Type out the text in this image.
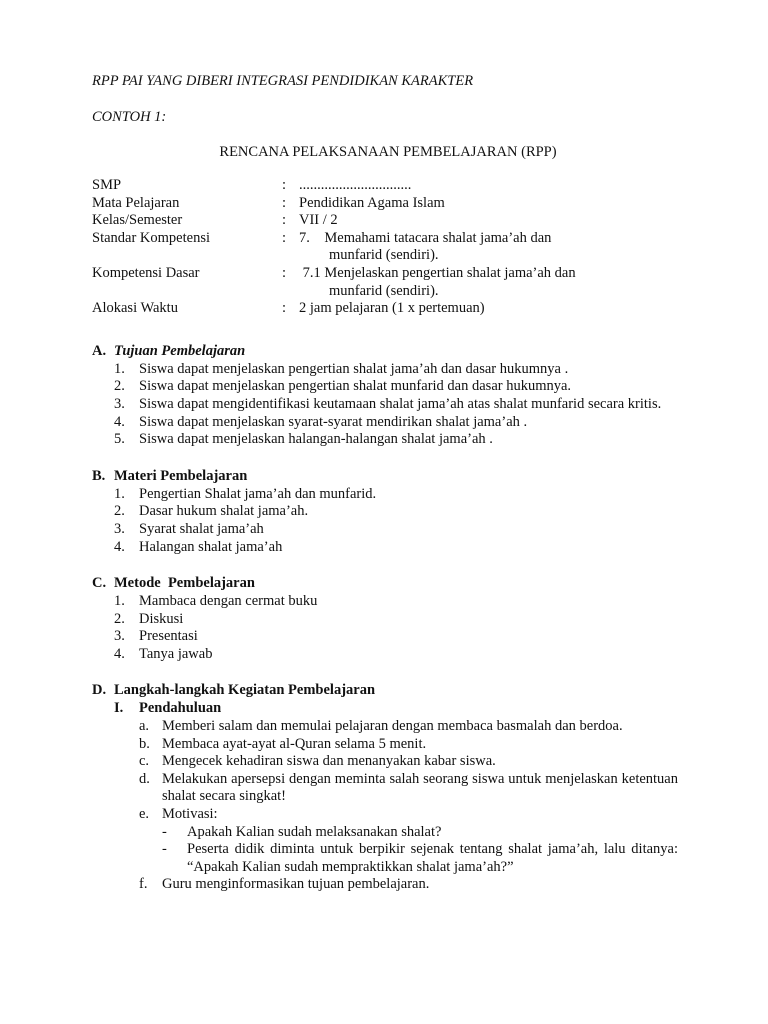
RPP PAI YANG DIBERI INTEGRASI PENDIDIKAN KARAKTER
CONTOH 1:
RENCANA PELAKSANAAN PEMBELAJARAN (RPP)
SMP	:	...............................
Mata Pelajaran	:	Pendidikan Agama Islam
Kelas/Semester	:	VII / 2
Standar Kompetensi	:	7.    Memahami tatacara shalat jama’ah dan
munfarid (sendiri).

Kompetensi Dasar	:	7.1 Menjelaskan pengertian shalat jama’ah dan
munfarid (sendiri).

Alokasi Waktu	:	2 jam pelajaran (1 x pertemuan)
A. Tujuan Pembelajaran
1. Siswa dapat menjelaskan pengertian shalat jama’ah dan dasar hukumnya .
2. Siswa dapat menjelaskan pengertian shalat munfarid dan dasar hukumnya.
3. Siswa dapat mengidentifikasi keutamaan shalat jama’ah atas shalat munfarid secara kritis.
4. Siswa dapat menjelaskan syarat-syarat mendirikan shalat jama’ah .
5. Siswa dapat menjelaskan halangan-halangan shalat jama’ah .
B. Materi Pembelajaran
1. Pengertian Shalat jama’ah dan munfarid.
2. Dasar hukum shalat jama’ah.
3. Syarat shalat jama’ah
4. Halangan shalat jama’ah
C. Metode  Pembelajaran
1. Mambaca dengan cermat buku
2. Diskusi
3. Presentasi
4. Tanya jawab
D. Langkah-langkah Kegiatan Pembelajaran
I.	Pendahuluan
a. Memberi salam dan memulai pelajaran dengan membaca basmalah dan berdoa.
b. Membaca ayat-ayat al-Quran selama 5 menit.
c. Mengecek kehadiran siswa dan menanyakan kabar siswa.
d. Melakukan apersepsi dengan meminta salah seorang siswa untuk menjelaskan ketentuan shalat secara singkat!
e. Motivasi:
-	Apakah Kalian sudah melaksanakan shalat?
-	Peserta didik diminta untuk berpikir sejenak tentang shalat jama’ah, lalu ditanya: “Apakah Kalian sudah mempraktikkan shalat jama’ah?”
f.	Guru menginformasikan tujuan pembelajaran.
